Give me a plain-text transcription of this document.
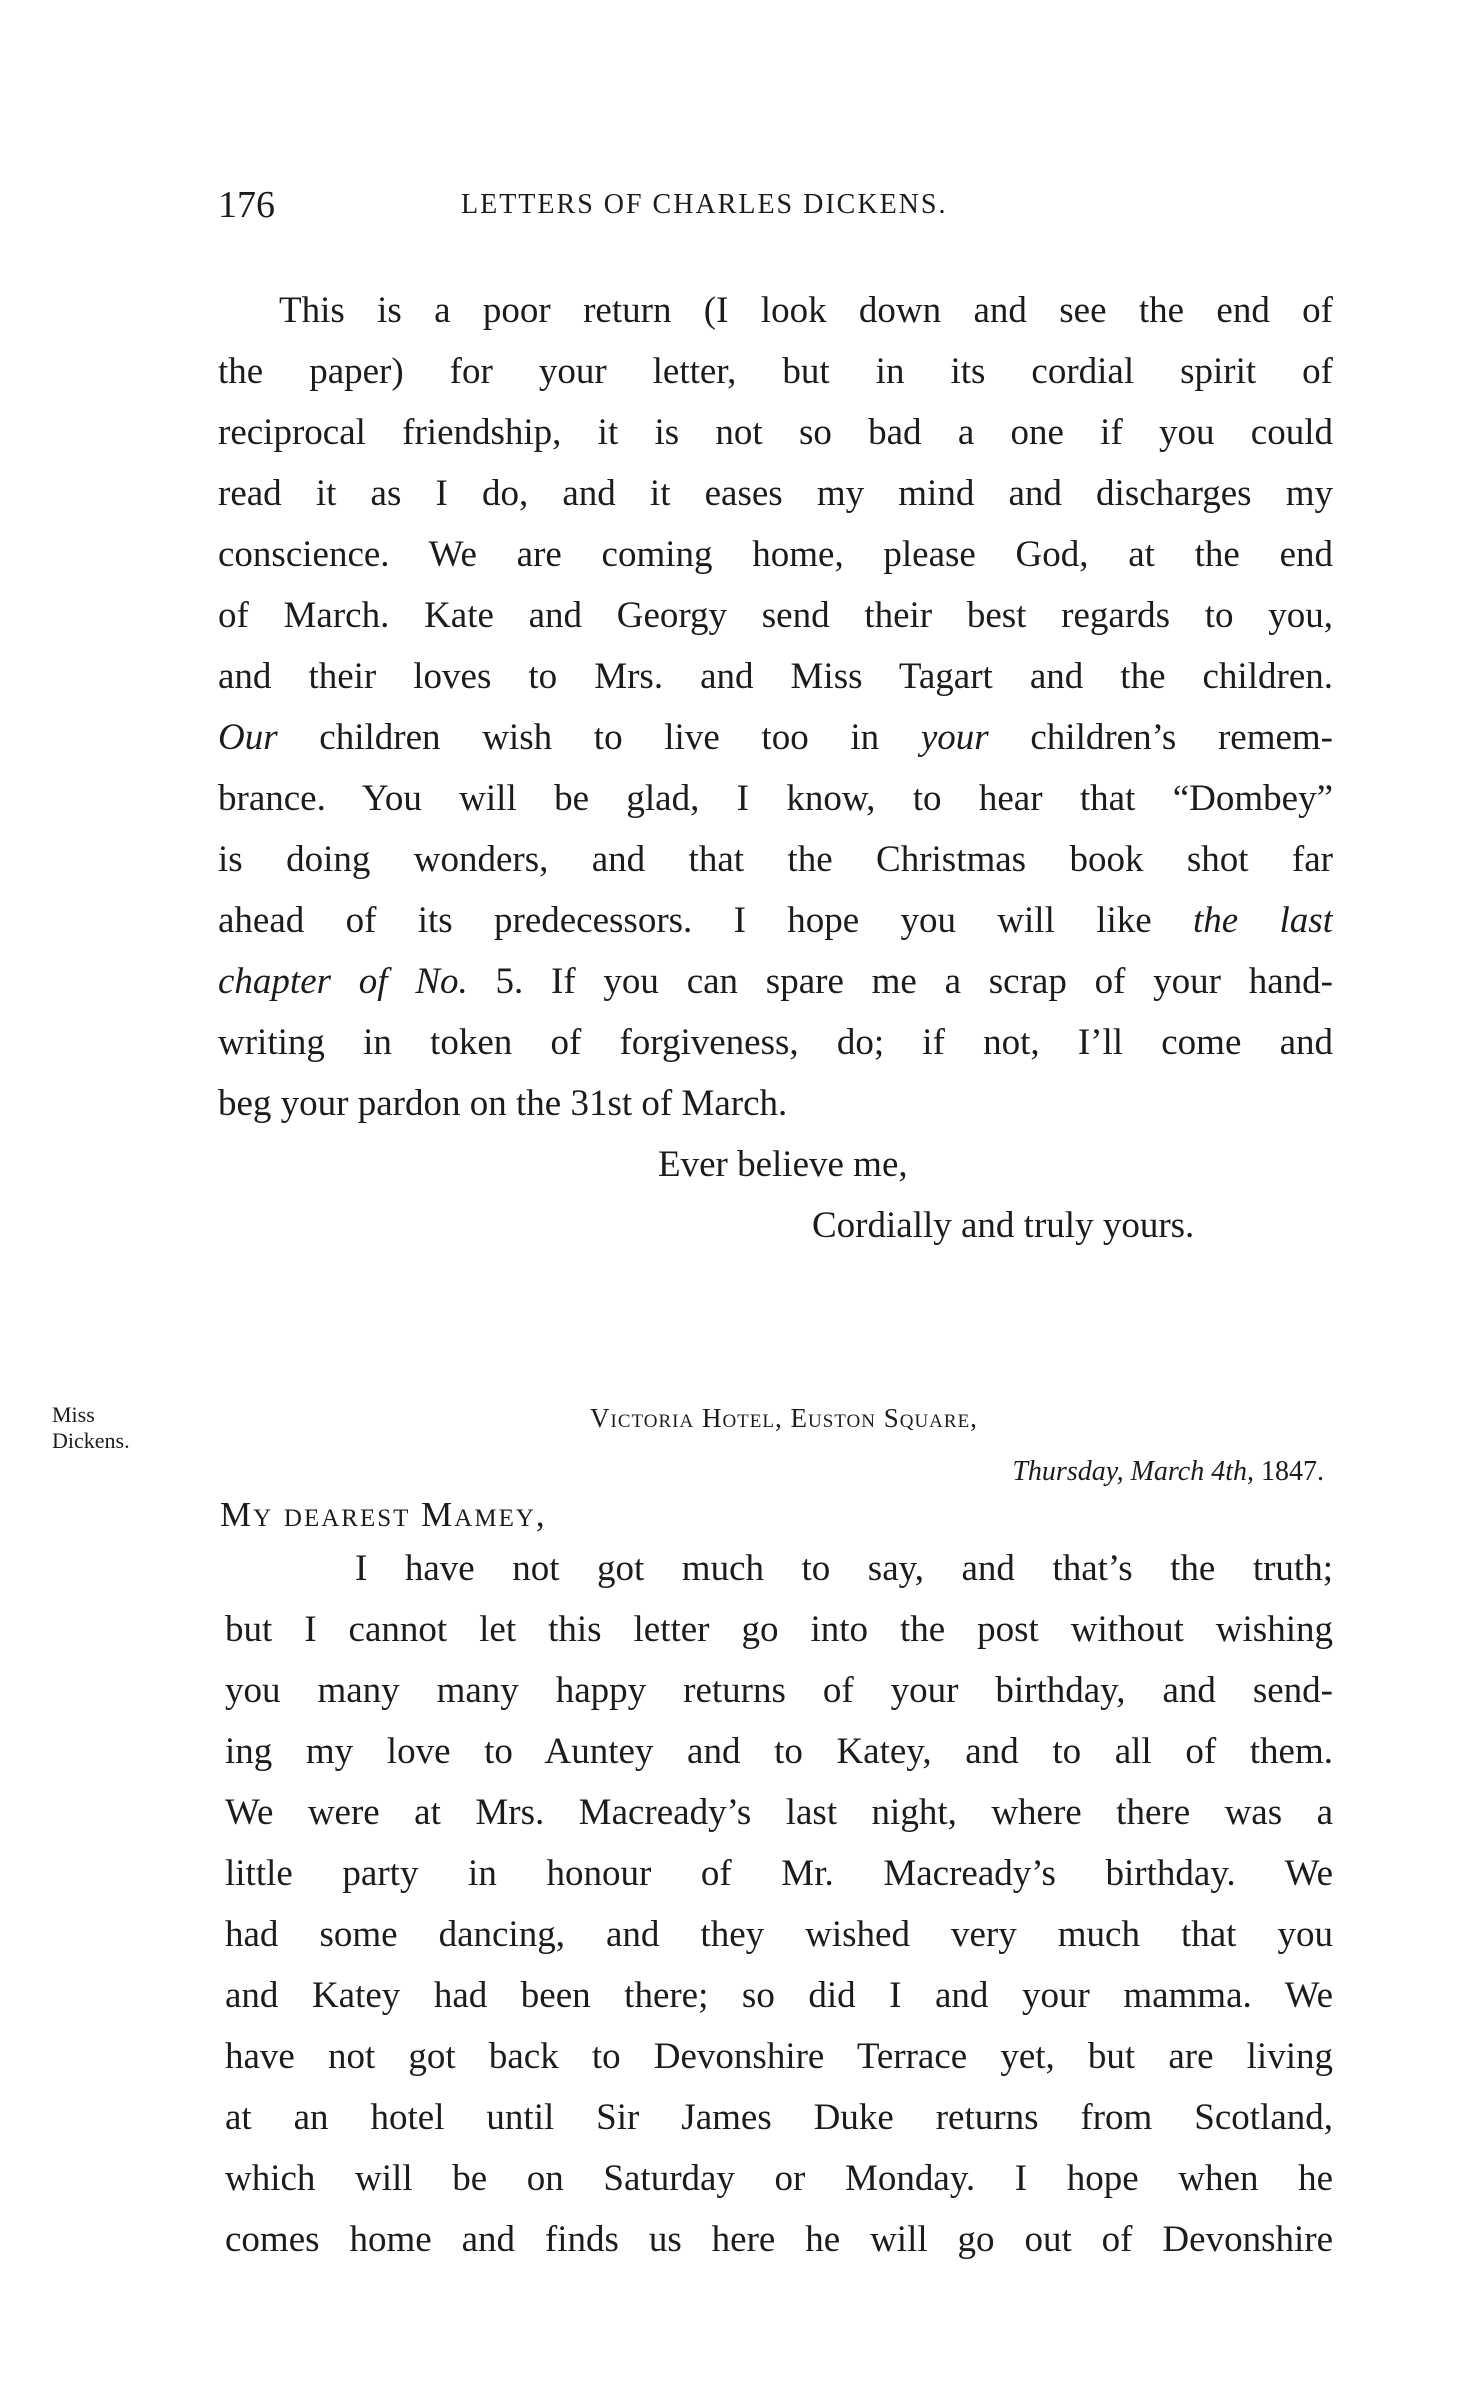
176	LETTERS OF CHARLES DICKENS.
This is a poor return (I look down and see the end of
the paper) for your letter, but in its cordial spirit of
reciprocal friendship, it is not so bad a one if you could
read it as I do, and it eases my mind and discharges my
conscience. We are coming home, please God, at the end
of March. Kate and Georgy send their best regards to you,
and their loves to Mrs. and Miss Tagart and the children.
Our children wish to live too in your children’s remem-
brance. You will be glad, I know, to hear that “Dombey”
is doing wonders, and that the Christmas book shot far
ahead of its predecessors. I hope you will like the last
chapter of No. 5. If you can spare me a scrap of your hand-
writing in token of forgiveness, do; if not, I’ll come and
beg your pardon on the 31st of March.
Ever believe me,
Cordially and truly yours.
Miss
Dickens.
Victoria Hotel, Euston Square,
Thursday, March 4th, 1847.
My dearest Mamey,
I have not got much to say, and that’s the truth;
but I cannot let this letter go into the post without wishing
you many many happy returns of your birthday, and send-
ing my love to Auntey and to Katey, and to all of them.
We were at Mrs. Macready’s last night, where there was a
little party in honour of Mr. Macready’s birthday. We
had some dancing, and they wished very much that you
and Katey had been there; so did I and your mamma. We
have not got back to Devonshire Terrace yet, but are living
at an hotel until Sir James Duke returns from Scotland,
which will be on Saturday or Monday. I hope when he
comes home and finds us here he will go out of Devonshire
